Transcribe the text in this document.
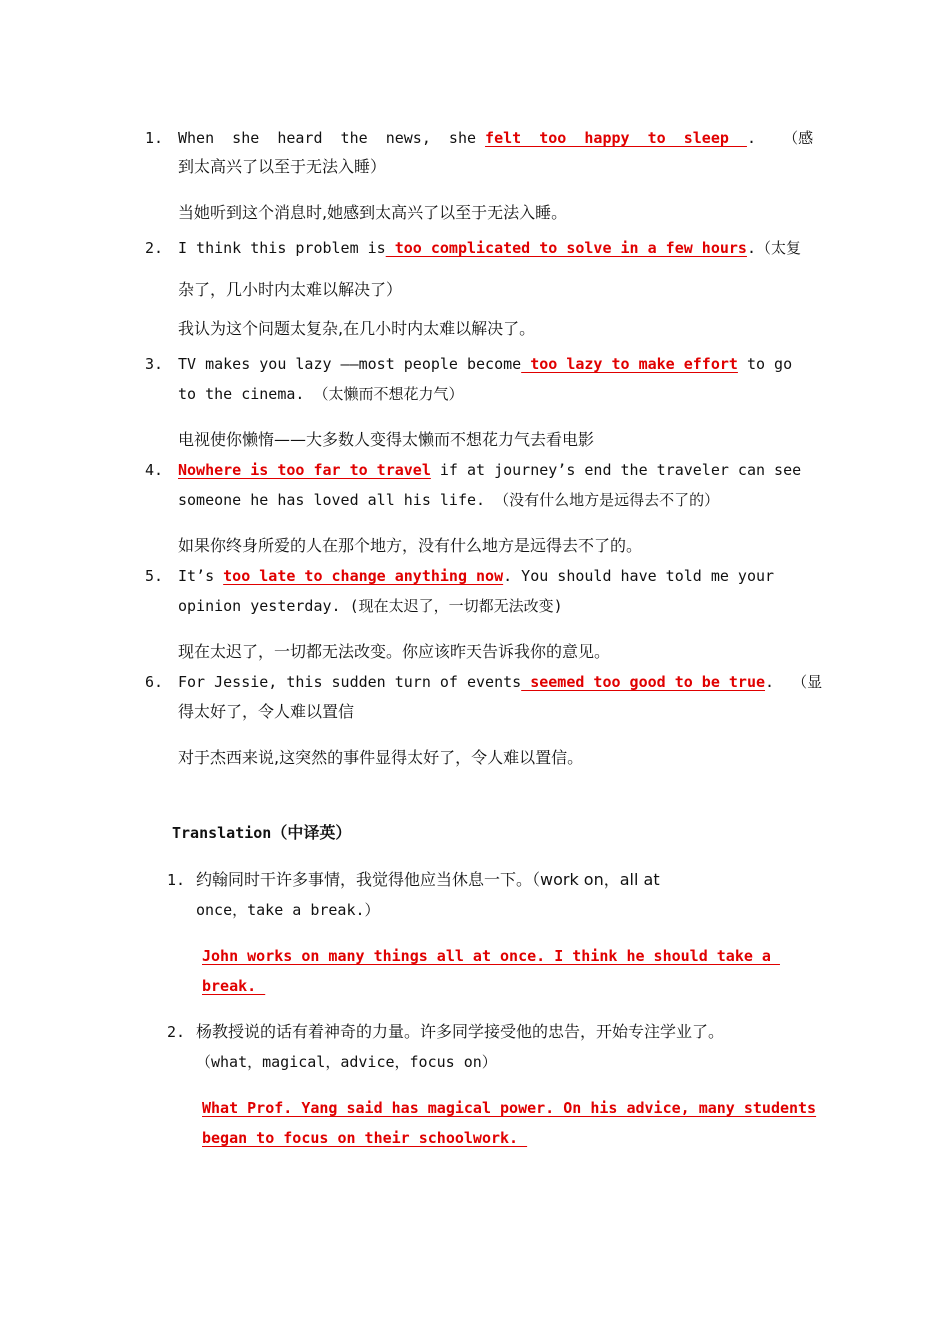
1. When  she  heard  the  news,  she felt  too  happy  to  sleep  .   （感
到太高兴了以至于无法入睡）
当她听到这个消息时,她感到太高兴了以至于无法入睡。
2. I think this problem is too complicated to solve in a few hours.（太复
杂了，几小时内太难以解决了）
我认为这个问题太复杂,在几小时内太难以解决了。
3. TV makes you lazy ——most people become too lazy to make effort to go
to the cinema. （太懒而不想花力气）
电视使你懒惰——大多数人变得太懒而不想花力气去看电影
4. Nowhere is too far to travel if at journey’s end the traveler can see
someone he has loved all his life. （没有什么地方是远得去不了的）
如果你终身所爱的人在那个地方，没有什么地方是远得去不了的。
5. It’s too late to change anything now. You should have told me your
opinion yesterday. (现在太迟了，一切都无法改变)
现在太迟了，一切都无法改变。你应该昨天告诉我你的意见。
6. For Jessie, this sudden turn of events seemed too good to be true.  （显
得太好了，令人难以置信
对于杰西来说,这突然的事件显得太好了，令人难以置信。
Translation（中译英）
1. 约翰同时干许多事情，我觉得他应当休息一下。（work on，all at
once，take a break.）
John works on many things all at once. I think he should take a
break.
2. 杨教授说的话有着神奇的力量。许多同学接受他的忠告，开始专注学业了。
（what，magical，advice，focus on）
What Prof. Yang said has magical power. On his advice, many students
began to focus on their schoolwork.
